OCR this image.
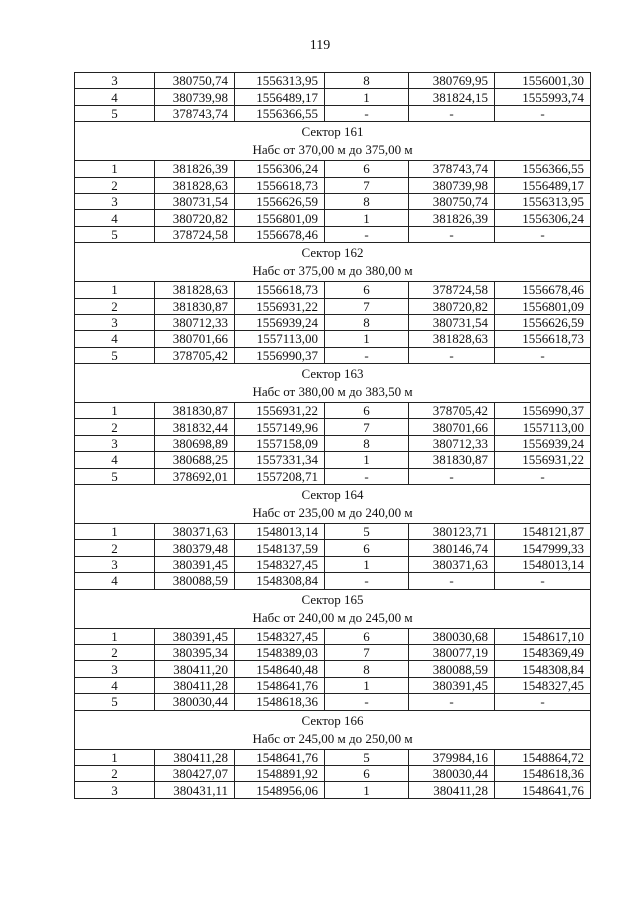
119
3	380750,74	1556313,95	8	380769,95	1556001,30
4	380739,98	1556489,17	1	381824,15	1555993,74
5	378743,74	1556366,55	-	-	-

Сектор 161
Набс от 370,00 м до 375,00 м					

1	381826,39	1556306,24	6	378743,74	1556366,55
2	381828,63	1556618,73	7	380739,98	1556489,17
3	380731,54	1556626,59	8	380750,74	1556313,95
4	380720,82	1556801,09	1	381826,39	1556306,24
5	378724,58	1556678,46	-	-	-

Сектор 162
Набс от 375,00 м до 380,00 м					

1	381828,63	1556618,73	6	378724,58	1556678,46
2	381830,87	1556931,22	7	380720,82	1556801,09
3	380712,33	1556939,24	8	380731,54	1556626,59
4	380701,66	1557113,00	1	381828,63	1556618,73
5	378705,42	1556990,37	-	-	-

Сектор 163
Набс от 380,00 м до 383,50 м					

1	381830,87	1556931,22	6	378705,42	1556990,37
2	381832,44	1557149,96	7	380701,66	1557113,00
3	380698,89	1557158,09	8	380712,33	1556939,24
4	380688,25	1557331,34	1	381830,87	1556931,22
5	378692,01	1557208,71	-	-	-

Сектор 164
Набс от 235,00 м до 240,00 м					

1	380371,63	1548013,14	5	380123,71	1548121,87
2	380379,48	1548137,59	6	380146,74	1547999,33
3	380391,45	1548327,45	1	380371,63	1548013,14
4	380088,59	1548308,84	-	-	-

Сектор 165
Набс от 240,00 м до 245,00 м					

1	380391,45	1548327,45	6	380030,68	1548617,10
2	380395,34	1548389,03	7	380077,19	1548369,49
3	380411,20	1548640,48	8	380088,59	1548308,84
4	380411,28	1548641,76	1	380391,45	1548327,45
5	380030,44	1548618,36	-	-	-

Сектор 166
Набс от 245,00 м до 250,00 м					

1	380411,28	1548641,76	5	379984,16	1548864,72
2	380427,07	1548891,92	6	380030,44	1548618,36
3	380431,11	1548956,06	1	380411,28	1548641,76
